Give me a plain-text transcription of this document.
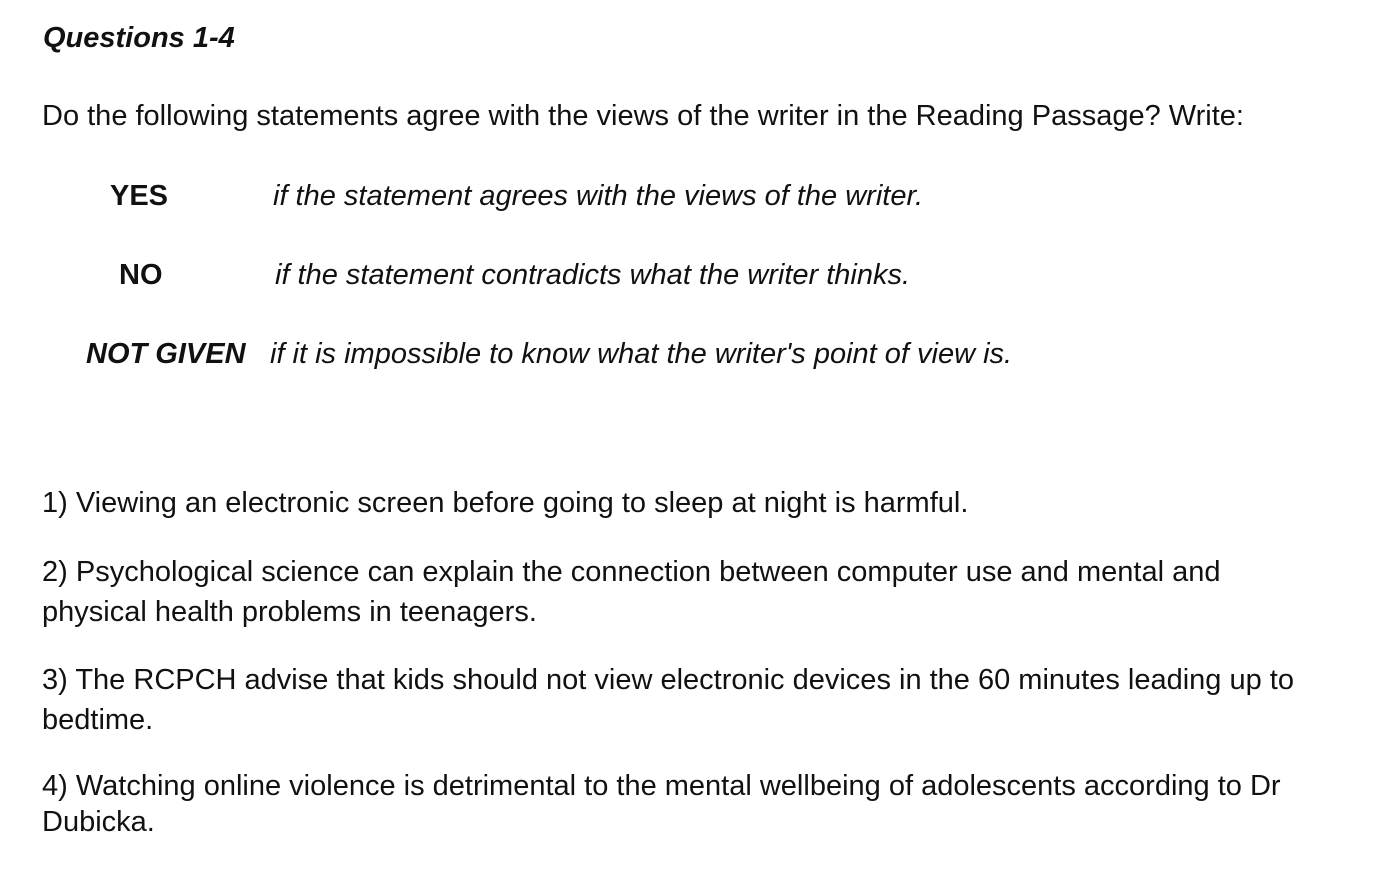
Questions 1-4

Do the following statements agree with the views of the writer in the Reading Passage? Write:

YES	if the statement agrees with the views of the writer.
NO	if the statement contradicts what the writer thinks.
NOT GIVEN if it is impossible to know what the writer's point of view is.

1) Viewing an electronic screen before going to sleep at night is harmful.

2) Psychological science can explain the connection between computer use and mental and physical health problems in teenagers.

3) The RCPCH advise that kids should not view electronic devices in the 60 minutes leading up to bedtime.

4) Watching online violence is detrimental to the mental wellbeing of adolescents according to Dr Dubicka.
